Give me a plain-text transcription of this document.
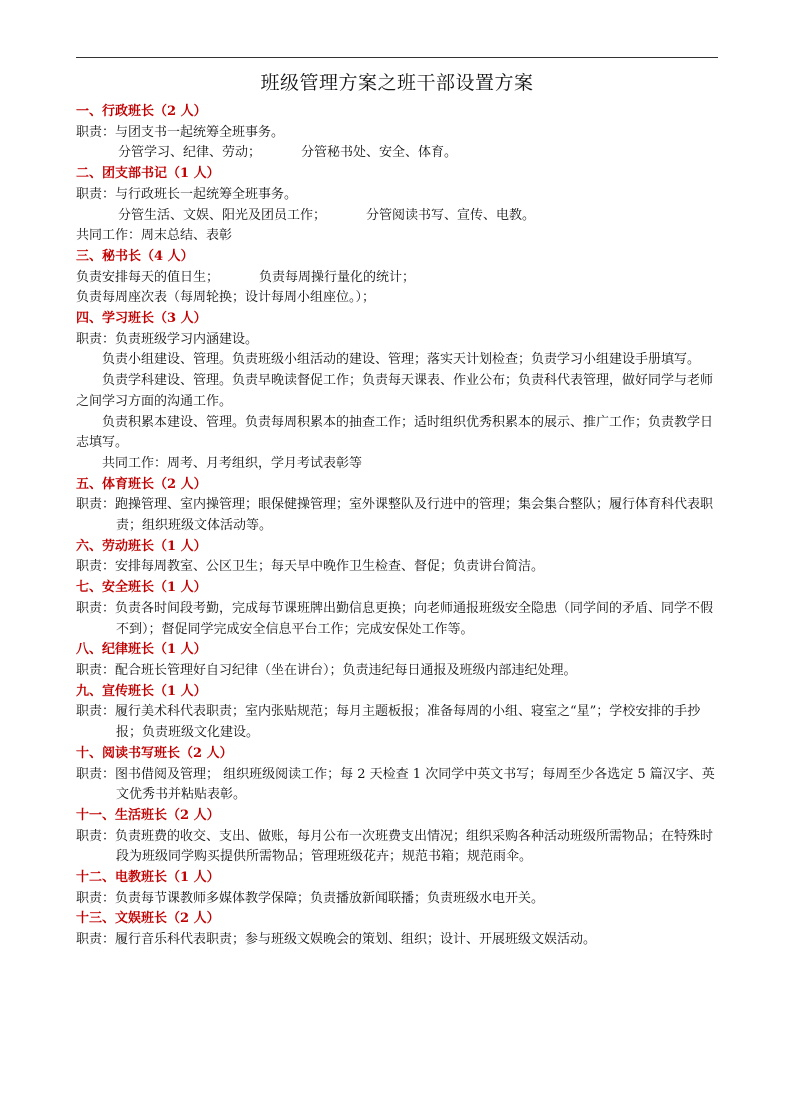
班级管理方案之班干部设置方案

一、行政班长（2 人）

职责：与团支书一起统筹全班事务。

分管学习、纪律、劳动；	分管秘书处、安全、体育。

二、团支部书记（1 人）

职责：与行政班长一起统筹全班事务。

分管生活、文娱、阳光及团员工作；	分管阅读书写、宣传、电教。

共同工作：周末总结、表彰

三、秘书长（4 人）

负责安排每天的值日生；	负责每周操行量化的统计；

负责每周座次表（每周轮换；设计每周小组座位。）；

四、学习班长（3 人）

职责：负责班级学习内涵建设。

负责小组建设、管理。负责班级小组活动的建设、管理；落实天计划检查；负责学习小组建设手册填写。

负责学科建设、管理。负责早晚读督促工作；负责每天课表、作业公布；负责科代表管理，做好同学与老师之间学习方面的沟通工作。

负责积累本建设、管理。负责每周积累本的抽查工作；适时组织优秀积累本的展示、推广工作；负责教学日志填写。

共同工作：周考、月考组织，学月考试表彰等

五、体育班长（2 人）

职责：跑操管理、室内操管理；眼保健操管理；室外课整队及行进中的管理；集会集合整队；履行体育科代表职责；组织班级文体活动等。

六、劳动班长（1 人）

职责：安排每周教室、公区卫生；每天早中晚作卫生检查、督促；负责讲台简洁。

七、安全班长（1 人）

职责：负责各时间段考勤，完成每节课班牌出勤信息更换；向老师通报班级安全隐患（同学间的矛盾、同学不假不到）；督促同学完成安全信息平台工作；完成安保处工作等。

八、纪律班长（1 人）

职责：配合班长管理好自习纪律（坐在讲台）；负责违纪每日通报及班级内部违纪处理。

九、宣传班长（1 人）

职责：履行美术科代表职责；室内张贴规范；每月主题板报；准备每周的小组、寝室之“星”；学校安排的手抄报；负责班级文化建设。

十、阅读书写班长（2 人）

职责：图书借阅及管理； 组织班级阅读工作；每 2 天检查 1 次同学中英文书写；每周至少各选定 5 篇汉字、英文优秀书并粘贴表彰。

十一、生活班长（2 人）

职责：负责班费的收交、支出、做账，每月公布一次班费支出情况；组织采购各种活动班级所需物品；在特殊时段为班级同学购买提供所需物品；管理班级花卉；规范书箱；规范雨伞。

十二、电教班长（1 人）

职责：负责每节课教师多媒体教学保障；负责播放新闻联播；负责班级水电开关。

十三、文娱班长（2 人）

职责：履行音乐科代表职责；参与班级文娱晚会的策划、组织；设计、开展班级文娱活动。
